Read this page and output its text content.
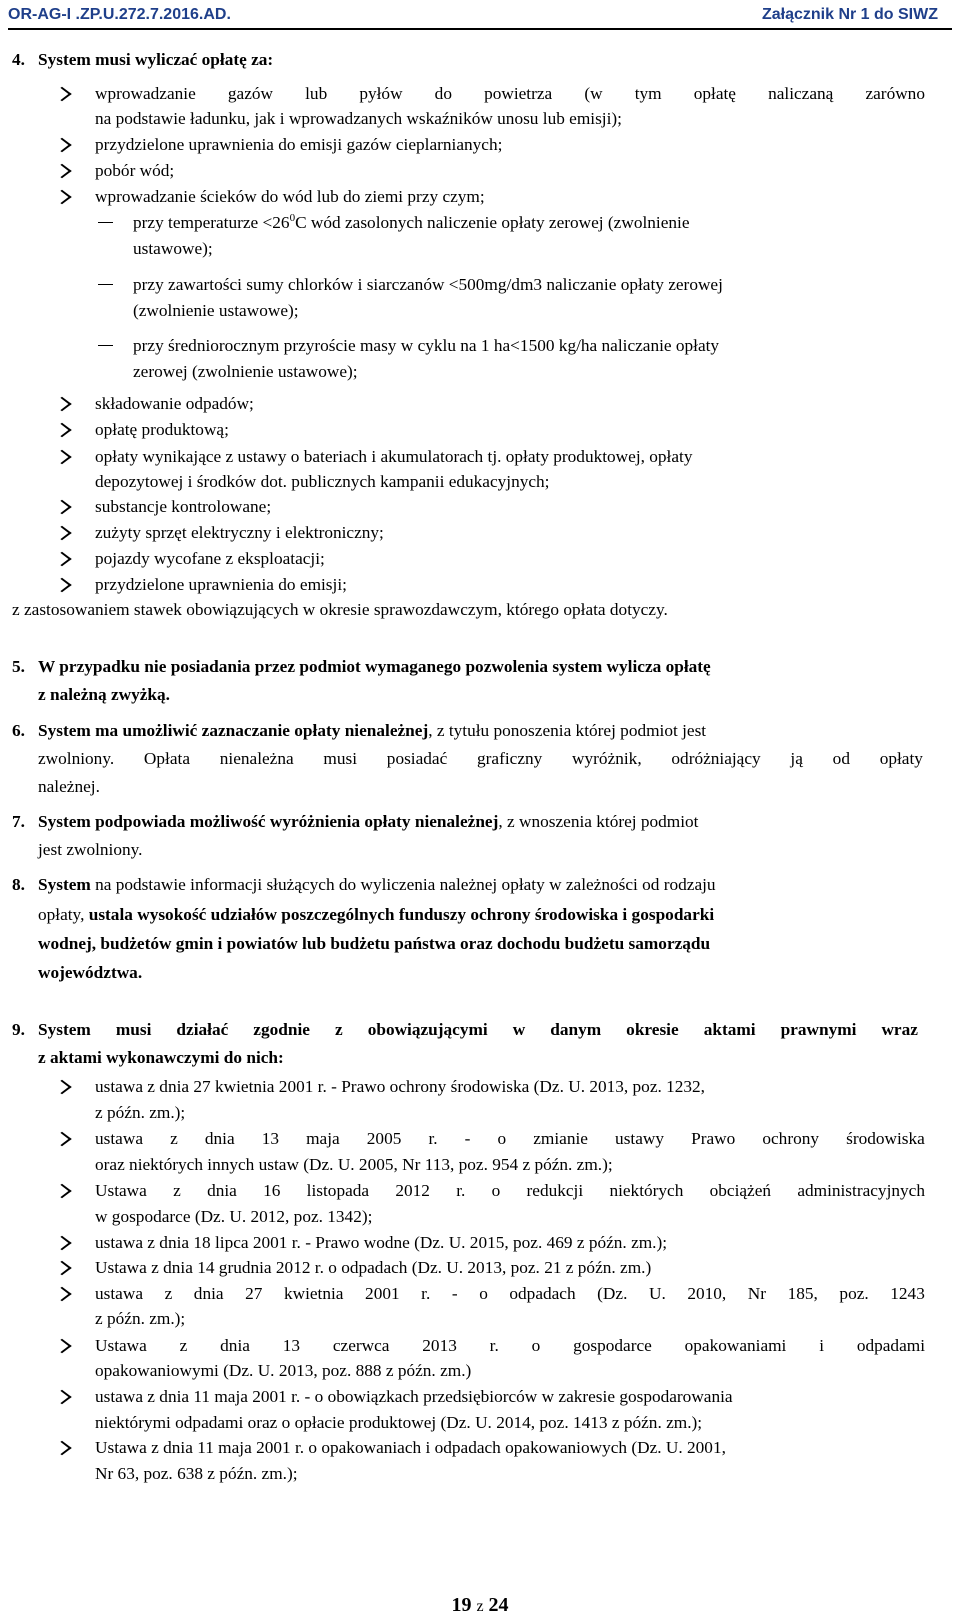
OR-AG-I .ZP.U.272.7.2016.AD.	Załącznik Nr 1 do SIWZ
4. System musi wyliczać opłatę za:
wprowadzanie gazów lub pyłów do powietrza (w tym opłatę naliczaną zarówno
na podstawie ładunku, jak i wprowadzanych wskaźników unosu lub emisji);
przydzielone uprawnienia do emisji gazów cieplarnianych;
pobór wód;
wprowadzanie ścieków do wód lub do ziemi przy czym;
przy temperaturze $<26^0C$ wód zasolonych naliczenie opłaty zerowej (zwolnienie
ustawowe);
przy zawartości sumy chlorków i siarczanów <500mg/dm3 naliczanie opłaty zerowej
(zwolnienie ustawowe);
przy średniorocznym przyroście masy w cyklu na 1 ha<1500 kg/ha naliczanie opłaty
zerowej (zwolnienie ustawowe);
składowanie odpadów;
opłatę produktową;
opłaty wynikające z ustawy o bateriach i akumulatorach tj. opłaty produktowej, opłaty
depozytowej i środków dot. publicznych kampanii edukacyjnych;
substancje kontrolowane;
zużyty sprzęt elektryczny i elektroniczny;
pojazdy wycofane z eksploatacji;
przydzielone uprawnienia do emisji;
z zastosowaniem stawek obowiązujących w okresie sprawozdawczym, którego opłata dotyczy.
5. W przypadku nie posiadania przez podmiot wymaganego pozwolenia system wylicza opłatę
z należną zwyżką.
6. System ma umożliwić zaznaczanie opłaty nienależnej, z tytułu ponoszenia której podmiot jest
zwolniony. Opłata nienależna musi posiadać graficzny wyróżnik, odróżniający ją od opłaty
należnej.
7. System podpowiada możliwość wyróżnienia opłaty nienależnej, z wnoszenia której podmiot
jest zwolniony.
8. System na podstawie informacji służących do wyliczenia należnej opłaty w zależności od rodzaju
opłaty, ustala wysokość udziałów poszczególnych funduszy ochrony środowiska i gospodarki
wodnej, budżetów gmin i powiatów lub budżetu państwa oraz dochodu budżetu samorządu
województwa.
9. System musi działać zgodnie z obowiązującymi w danym okresie aktami prawnymi wraz
z aktami wykonawczymi do nich:
ustawa z dnia 27 kwietnia 2001 r. - Prawo ochrony środowiska (Dz. U. 2013, poz. 1232,
z późn. zm.);
ustawa z dnia 13 maja 2005 r. - o zmianie ustawy Prawo ochrony środowiska
oraz niektórych innych ustaw (Dz. U. 2005, Nr 113, poz. 954 z późn. zm.);
Ustawa z dnia 16 listopada 2012 r. o redukcji niektórych obciążeń administracyjnych
w gospodarce (Dz. U. 2012, poz. 1342);
ustawa z dnia 18 lipca 2001 r. - Prawo wodne (Dz. U. 2015, poz. 469 z późn. zm.);
Ustawa z dnia 14 grudnia 2012 r. o odpadach (Dz. U. 2013, poz. 21 z późn. zm.)
ustawa z dnia 27 kwietnia 2001 r. - o odpadach (Dz. U. 2010, Nr 185, poz. 1243
z późn. zm.);
Ustawa z dnia 13 czerwca 2013 r. o gospodarce opakowaniami i odpadami
opakowaniowymi (Dz. U. 2013, poz. 888 z późn. zm.)
ustawa z dnia 11 maja 2001 r. - o obowiązkach przedsiębiorców w zakresie gospodarowania
niektórymi odpadami oraz o opłacie produktowej (Dz. U. 2014, poz. 1413 z późn. zm.);
Ustawa z dnia 11 maja 2001 r. o opakowaniach i odpadach opakowaniowych (Dz. U. 2001,
Nr 63, poz. 638 z późn. zm.);
19 z 24
